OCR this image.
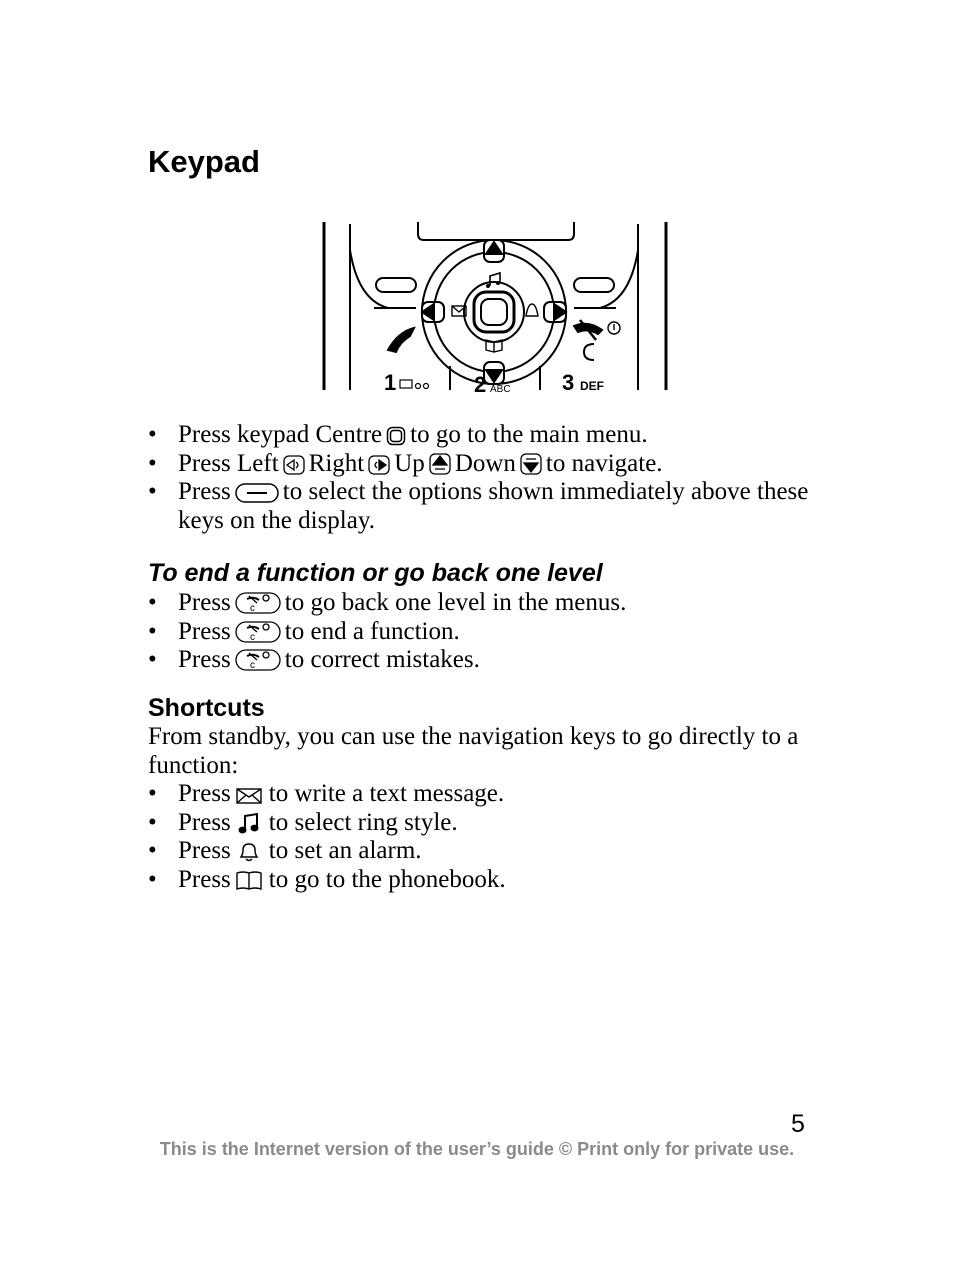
Keypad
1	2 ABC 3 DEF
• Press keypad Centre to go to the main menu.
• Press Left Right Up Down to navigate.
• Press to select the options shown immediately above these keys on the display.
To end a function or go back one level
• Press c to go back one level in the menus.
• Press c to end a function.
• Press c to correct mistakes.
Shortcuts

From standby, you can use the navigation keys to go directly to a function:

• Press to write a text message.
• Press to select ring style.
• Press to set an alarm.
• Press to go to the phonebook.
5
This is the Internet version of the user’s guide © Print only for private use.
